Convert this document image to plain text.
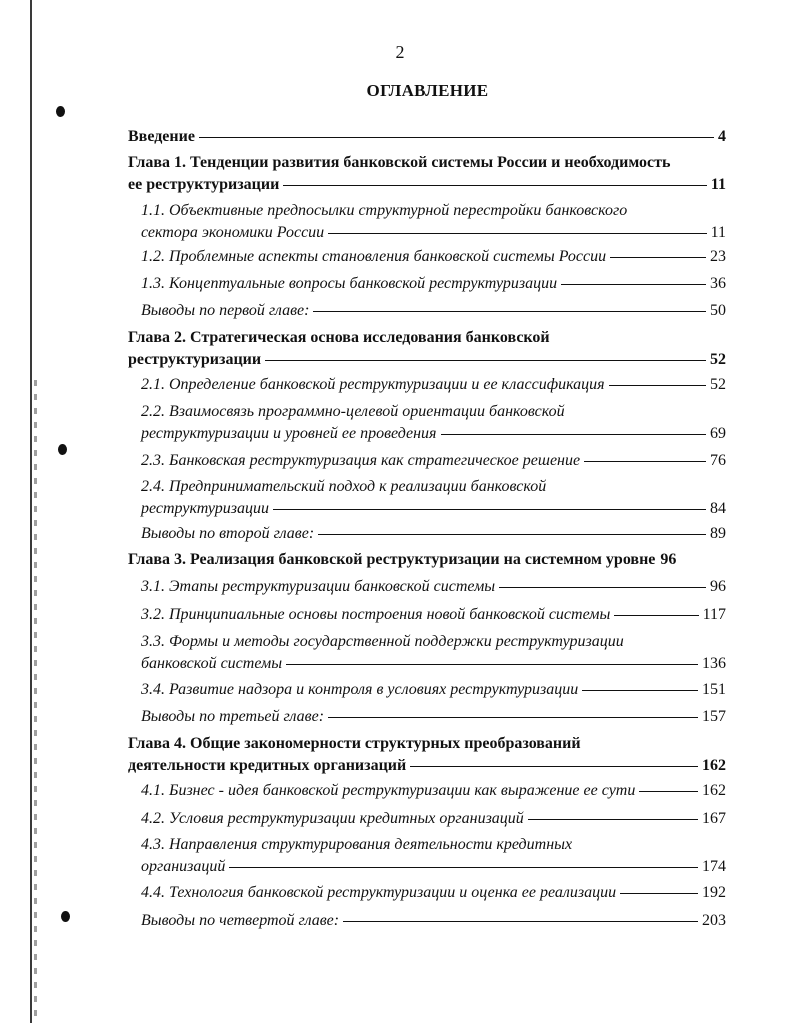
2
ОГЛАВЛЕНИЕ
Введение	4
Глава 1. Тенденции развития банковской системы России и необходимость
ее реструктуризации	11
1.1. Объективные предпосылки структурной перестройки банковского
сектора экономики России	11
1.2. Проблемные аспекты становления банковской системы России	23
1.3. Концептуальные вопросы банковской реструктуризации	36
Выводы по первой главе:	50
Глава 2. Стратегическая основа исследования банковской
реструктуризации	52
2.1. Определение банковской реструктуризации и ее классификация	52
2.2. Взаимосвязь программно-целевой ориентации банковской
реструктуризации и уровней ее проведения	69
2.3. Банковская реструктуризация как стратегическое решение	76
2.4. Предпринимательский подход к реализации банковской
реструктуризации	84
Выводы по второй главе:	89
Глава 3. Реализация банковской реструктуризации на системном уровне 96
3.1. Этапы реструктуризации банковской системы	96
3.2. Принципиальные основы построения новой банковской системы	117
3.3. Формы и методы государственной поддержки реструктуризации
банковской системы	136
3.4. Развитие надзора и контроля в условиях реструктуризации	151
Выводы по третьей главе:	157
Глава 4. Общие закономерности структурных преобразований
деятельности кредитных организаций	162
4.1. Бизнес - идея банковской реструктуризации как выражение ее сути	162
4.2. Условия реструктуризации кредитных организаций	167
4.3. Направления структурирования деятельности кредитных
организаций	174
4.4. Технология банковской реструктуризации и оценка ее реализации	192
Выводы по четвертой главе:	203
